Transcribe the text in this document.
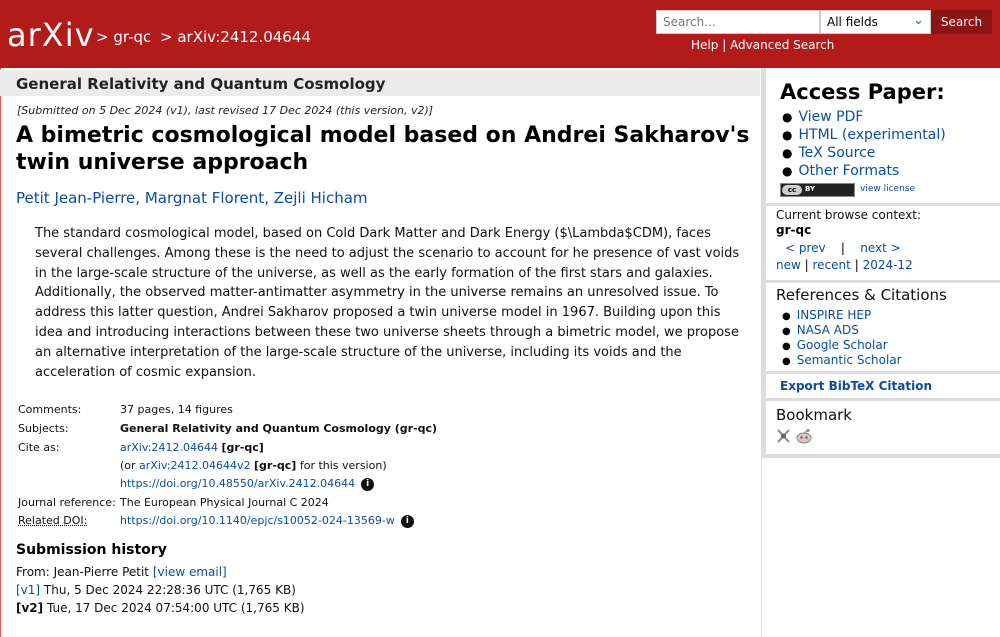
arXiv > gr-qc > arXiv:2412.04644
Search...	All fields	⌄	Search
Help | Advanced Search
General Relativity and Quantum Cosmology
[Submitted on 5 Dec 2024 (v1), last revised 17 Dec 2024 (this version, v2)]
A bimetric cosmological model based on Andrei Sakharov's twin universe approach
Petit Jean-Pierre, Margnat Florent, Zejli Hicham
The standard cosmological model, based on Cold Dark Matter and Dark Energy ($\Lambda$CDM), faces several challenges. Among these is the need to adjust the scenario to account for he presence of vast voids in the large-scale structure of the universe, as well as the early formation of the first stars and galaxies. Additionally, the observed matter-antimatter asymmetry in the universe remains an unresolved issue. To address this latter question, Andrei Sakharov proposed a twin universe model in 1967. Building upon this idea and introducing interactions between these two universe sheets through a bimetric model, we propose an alternative interpretation of the large-scale structure of the universe, including its voids and the acceleration of cosmic expansion.
Comments:	37 pages, 14 figures
Subjects:	General Relativity and Quantum Cosmology (gr-qc)
Cite as:	arXiv:2412.04644 [gr-qc]
(or arXiv:2412.04644v2 [gr-qc] for this version)
https://doi.org/10.48550/arXiv.2412.04644 i
Journal reference: The European Physical Journal C 2024
Related DOI:	https://doi.org/10.1140/epjc/s10052-024-13569-w i
Submission history
From: Jean-Pierre Petit [view email]
[v1] Thu, 5 Dec 2024 22:28:36 UTC (1,765 KB)
[v2] Tue, 17 Dec 2024 07:54:00 UTC (1,765 KB)
Access Paper:
● View PDF
● HTML (experimental)
● TeX Source
● Other Formats
cc	BY	view license
Current browse context:
gr-qc
< prev | next >
new | recent | 2024-12
References & Citations
● INSPIRE HEP
● NASA ADS
● Google Scholar
● Semantic Scholar
Export BibTeX Citation
Bookmark
